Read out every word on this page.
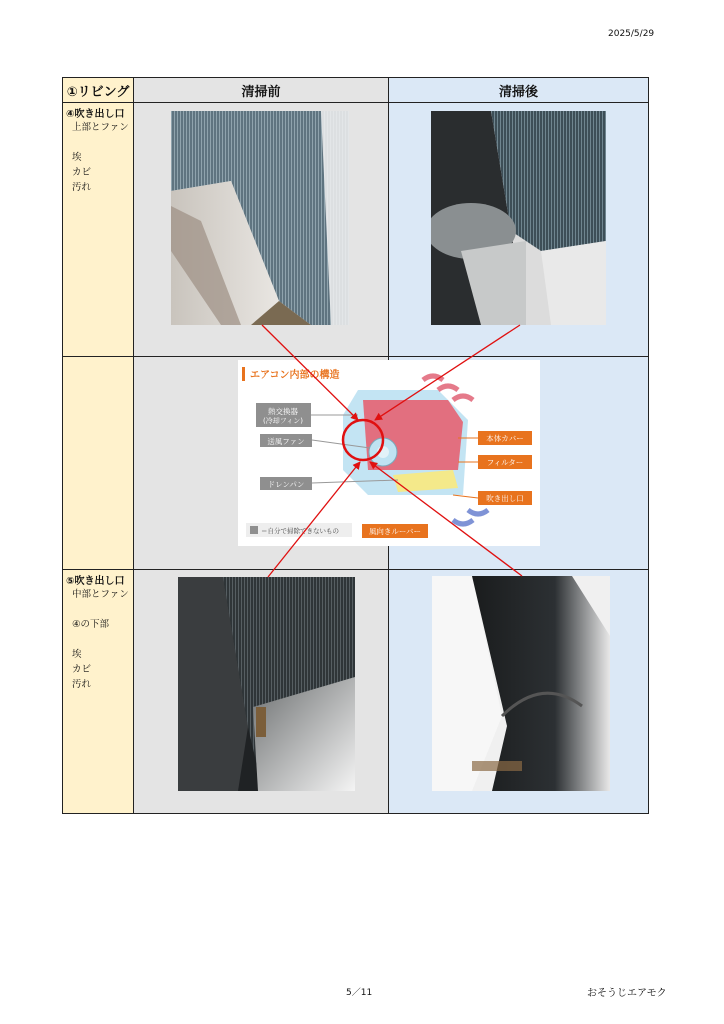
2025/5/29
①リビング	清掃前	清掃後
④吹き出し口
上部とファン

埃
カビ
汚れ
⑤吹き出し口
中部とファン

④の下部

埃
カビ
汚れ
エアコン内部の構造
熱交換器
(冷却フィン)
送風ファン
ドレンパン
本体カバー
フィルター
吹き出し口
風向きルーバー
＝自分で掃除できないもの
5／11	おそうじエアモク
